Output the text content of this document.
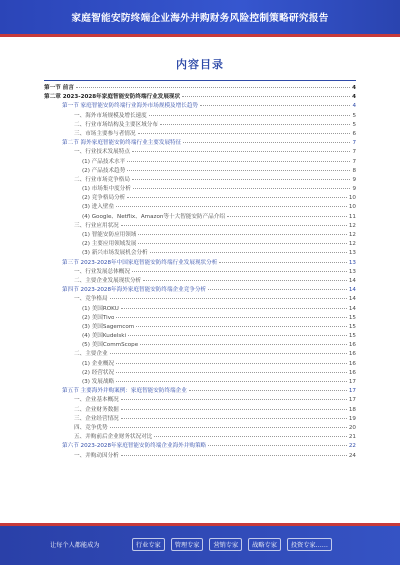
家庭智能安防终端企业海外并购财务风险控制策略研究报告
内容目录
第一节 前言	4
第二章 2023-2028年家庭智能安防终端行业发展现状	4
第一节 家庭智能安防终端行业海外市场规模及增长趋势	4
一、海外市场规模及增长速度	5
二、行业市场结构及主要区域分布	5
三、市场主要参与者情况	6
第二节 海外家庭智能安防终端行业主要发展特征	7
一、行业技术发展特点	7
(1) 产品技术水平	7
(2) 产品技术趋势	8
二、行业市场竞争格局	9
(1) 市场集中度分析	9
(2) 竞争格局分析	10
(3) 进入壁垒	10
(4) Google、Netflix、Amazon等十大智能安防产品介绍	11
三、行业应用状况	12
(1) 智能安防应用领域	12
(2) 主要应用领域发展	12
(3) 新兴市场发展机会分析	13
第三节 2023-2028年中国家庭智能安防终端行业发展现状分析	13
一、行业发展总体概况	13
二、主要企业发展现状分析	14
第四节 2023-2028年海外家庭智能安防终端企业竞争分析	14
一、竞争格局	14
(1) 美国ROKU	14
(2) 美国Tivo	15
(3) 美国Sagemcom	15
(4) 美国Kudelski	15
(5) 美国CommScope	16
二、主要企业	16
(1) 企业概况	16
(2) 经营状况	16
(3) 发展战略	17
第五节 主要海外并购案例：家庭智能安防终端企业	17
一、企业基本概况	17
二、企业财务数据	18
三、企业经营情况	19
四、竞争优势	20
五、并购前后企业财务状况对比	21
第六节 2023-2028年家庭智能安防终端企业海外并购策略	22
一、并购动因分析	24
让每个人都能成为	行业专家 管理专家 营销专家 战略专家 投资专家……
